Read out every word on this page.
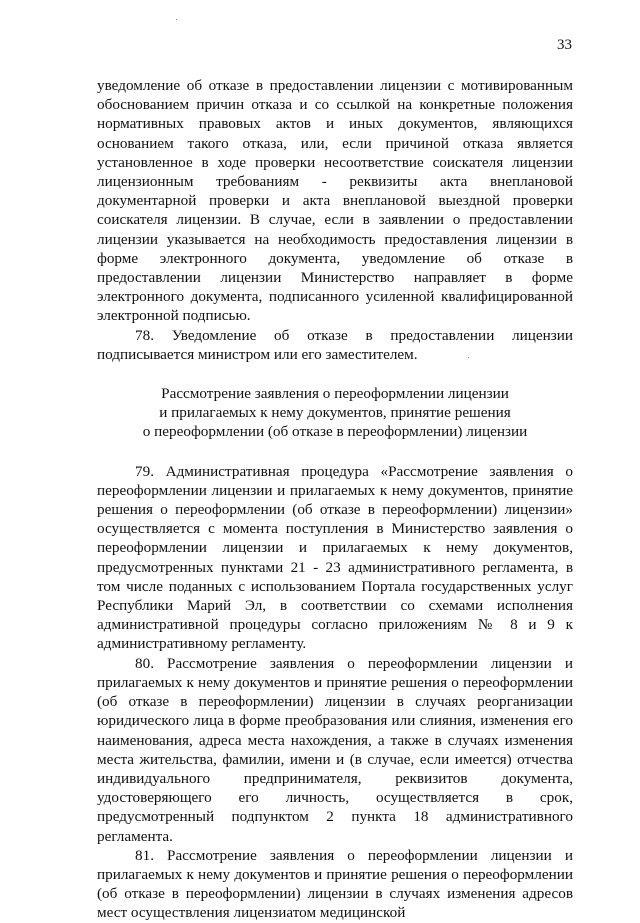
33

уведомление об отказе в предоставлении лицензии с мотивированным обоснованием причин отказа и со ссылкой на конкретные положения нормативных правовых актов и иных документов, являющихся основанием такого отказа, или, если причиной отказа является установленное в ходе проверки несоответствие соискателя лицензии лицензионным требованиям - реквизиты акта внеплановой документарной проверки и акта внеплановой выездной проверки соискателя лицензии. В случае, если в заявлении о предоставлении лицензии указывается на необходимость предоставления лицензии в форме электронного документа, уведомление об отказе в предоставлении лицензии Министерство направляет в форме электронного документа, подписанного усиленной квалифицированной электронной подписью.

78. Уведомление об отказе в предоставлении лицензии подписывается министром или его заместителем.

Рассмотрение заявления о переоформлении лицензии
и прилагаемых к нему документов, принятие решения
о переоформлении (об отказе в переоформлении) лицензии

79. Административная процедура «Рассмотрение заявления о переоформлении лицензии и прилагаемых к нему документов, принятие решения о переоформлении (об отказе в переоформлении) лицензии» осуществляется с момента поступления в Министерство заявления о переоформлении лицензии и прилагаемых к нему документов, предусмотренных пунктами 21 - 23 административного регламента, в том числе поданных с использованием Портала государственных услуг Республики Марий Эл, в соответствии со схемами исполнения административной процедуры согласно приложениям № 8 и 9 к административному регламенту.

80. Рассмотрение заявления о переоформлении лицензии и прилагаемых к нему документов и принятие решения о переоформлении (об отказе в переоформлении) лицензии в случаях реорганизации юридического лица в форме преобразования или слияния, изменения его наименования, адреса места нахождения, а также в случаях изменения места жительства, фамилии, имени и (в случае, если имеется) отчества индивидуального предпринимателя, реквизитов документа, удостоверяющего его личность, осуществляется в срок, предусмотренный подпунктом 2 пункта 18 административного регламента.

81. Рассмотрение заявления о переоформлении лицензии и прилагаемых к нему документов и принятие решения о переоформлении (об отказе в переоформлении) лицензии в случаях изменения адресов мест осуществления лицензиатом медицинской
